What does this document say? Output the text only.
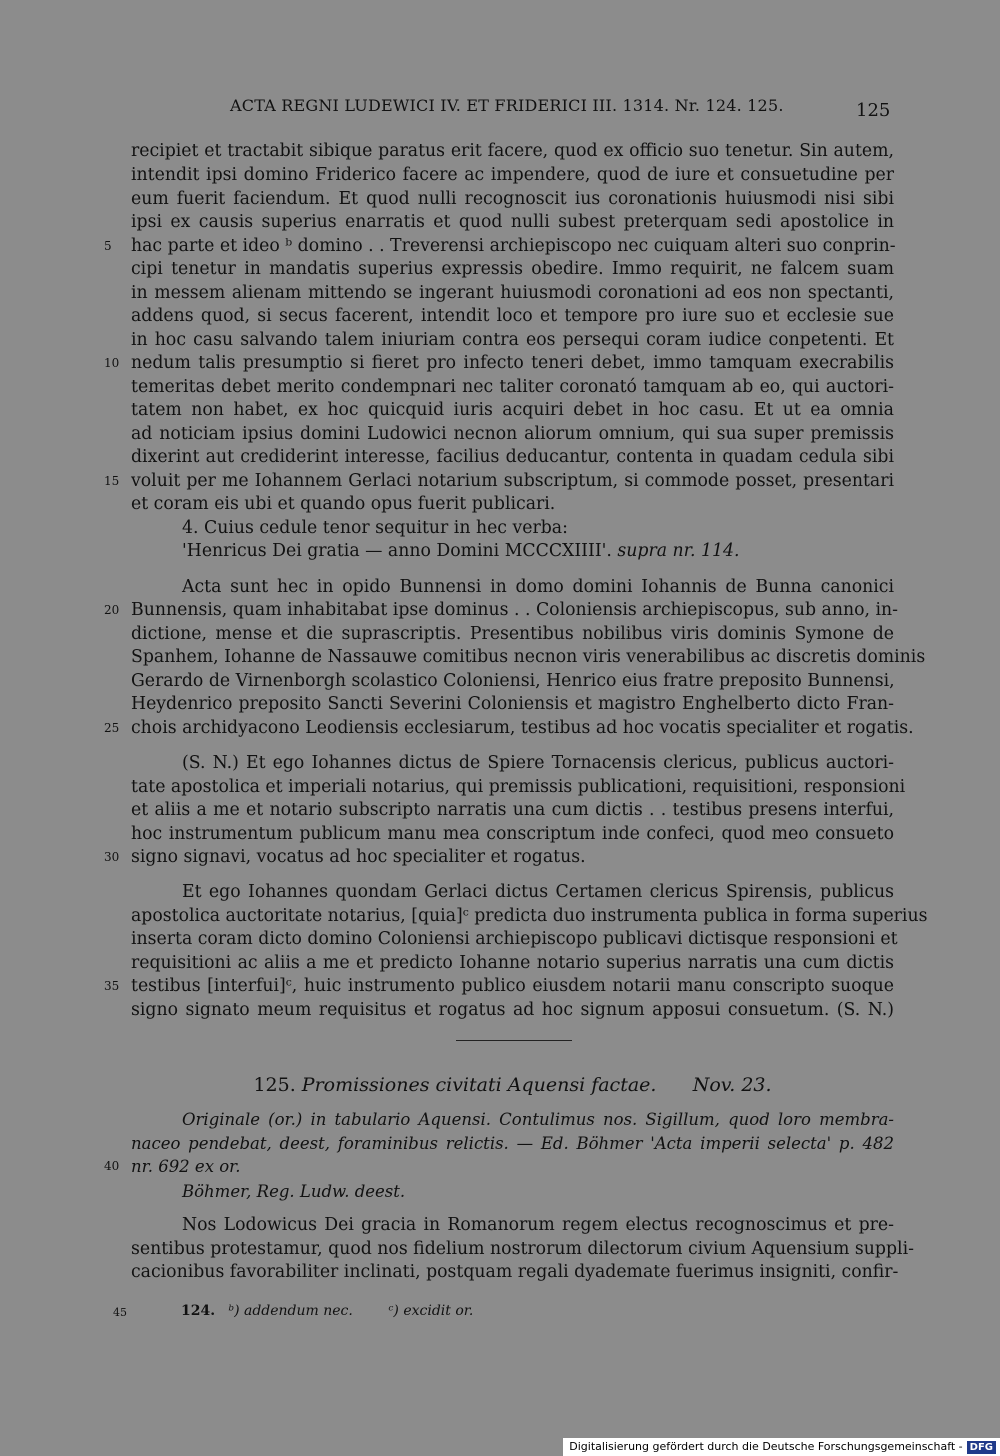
ACTA REGNI LUDEWICI IV. ET FRIDERICI III. 1314. Nr. 124. 125.	125
recipiet et tractabit sibique paratus erit facere, quod ex officio suo tenetur. Sin autem,
intendit ipsi domino Friderico facere ac impendere, quod de iure et consuetudine per
eum fuerit faciendum. Et quod nulli recognoscit ius coronationis huiusmodi nisi sibi
ipsi ex causis superius enarratis et quod nulli subest preterquam sedi apostolice in
5 hac parte et ideo ᵇ domino . . Treverensi archiepiscopo nec cuiquam alteri suo conprin-
cipi tenetur in mandatis superius expressis obedire. Immo requirit, ne falcem suam
in messem alienam mittendo se ingerant huiusmodi coronationi ad eos non spectanti,
addens quod, si secus facerent, intendit loco et tempore pro iure suo et ecclesie sue
in hoc casu salvando talem iniuriam contra eos persequi coram iudice conpetenti. Et
10 nedum talis presumptio si fieret pro infecto teneri debet, immo tamquam execrabilis
temeritas debet merito condempnari nec taliter coronató tamquam ab eo, qui auctori-
tatem non habet, ex hoc quicquid iuris acquiri debet in hoc casu. Et ut ea omnia
ad noticiam ipsius domini Ludowici necnon aliorum omnium, qui sua super premissis
dixerint aut crediderint interesse, facilius deducantur, contenta in quadam cedula sibi
15 voluit per me Iohannem Gerlaci notarium subscriptum, si commode posset, presentari
et coram eis ubi et quando opus fuerit publicari.
4. Cuius cedule tenor sequitur in hec verba:
'Henricus Dei gratia — anno Domini MCCCXIIII'. supra nr. 114.
Acta sunt hec in opido Bunnensi in domo domini Iohannis de Bunna canonici
20 Bunnensis, quam inhabitabat ipse dominus . . Coloniensis archiepiscopus, sub anno, in-
dictione, mense et die suprascriptis. Presentibus nobilibus viris dominis Symone de
Spanhem, Iohanne de Nassauwe comitibus necnon viris venerabilibus ac discretis dominis
Gerardo de Virnenborgh scolastico Coloniensi, Henrico eius fratre preposito Bunnensi,
Heydenrico preposito Sancti Severini Coloniensis et magistro Enghelberto dicto Fran-
25 chois archidyacono Leodiensis ecclesiarum, testibus ad hoc vocatis specialiter et rogatis.
(S. N.) Et ego Iohannes dictus de Spiere Tornacensis clericus, publicus auctori-
tate apostolica et imperiali notarius, qui premissis publicationi, requisitioni, responsioni
et aliis a me et notario subscripto narratis una cum dictis . . testibus presens interfui,
hoc instrumentum publicum manu mea conscriptum inde confeci, quod meo consueto
30 signo signavi, vocatus ad hoc specialiter et rogatus.
Et ego Iohannes quondam Gerlaci dictus Certamen clericus Spirensis, publicus
apostolica auctoritate notarius, [quia]ᶜ predicta duo instrumenta publica in forma superius
inserta coram dicto domino Coloniensi archiepiscopo publicavi dictisque responsioni et
requisitioni ac aliis a me et predicto Iohanne notario superius narratis una cum dictis
35 testibus [interfui]ᶜ, huic instrumento publico eiusdem notarii manu conscripto suoque
signo signato meum requisitus et rogatus ad hoc signum apposui consuetum. (S. N.)
125. Promissiones civitati Aquensi factae. Nov. 23.
Originale (or.) in tabulario Aquensi. Contulimus nos. Sigillum, quod loro membra-
naceo pendebat, deest, foraminibus relictis. — Ed. Böhmer 'Acta imperii selecta' p. 482
40 nr. 692 ex or.
Böhmer, Reg. Ludw. deest.
Nos Lodowicus Dei gracia in Romanorum regem electus recognoscimus et pre-
sentibus protestamur, quod nos fidelium nostrorum dilectorum civium Aquensium suppli-
cacionibus favorabiliter inclinati, postquam regali dyademate fuerimus insigniti, confir-
45	124. ᵇ) addendum nec.	ᶜ) excidit or.
Digitalisierung gefördert durch die Deutsche Forschungsgemeinschaft - DFG
